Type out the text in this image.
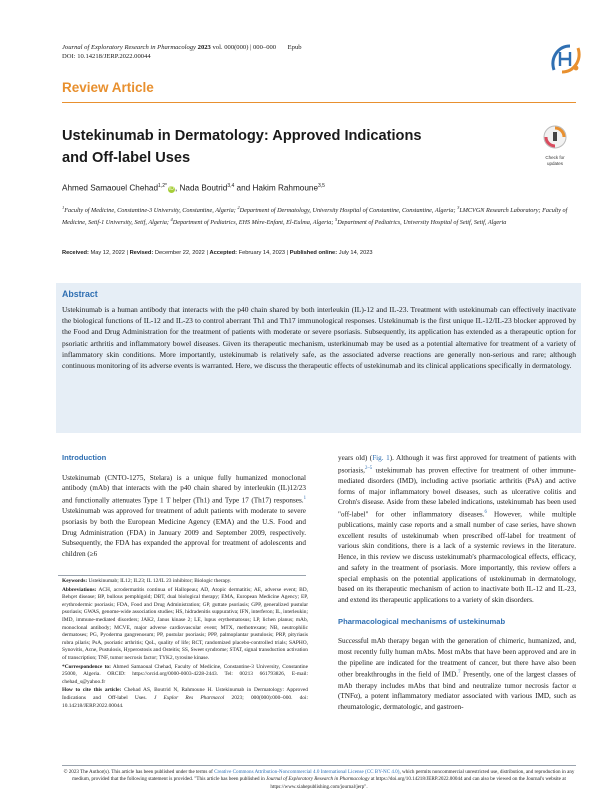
Journal of Exploratory Research in Pharmacology 2023 vol. 000(000) | 000–000 Epub
DOI: 10.14218/JERP.2022.00044
Review Article
Ustekinumab in Dermatology: Approved Indications
and Off-label Uses	Check for
updates
Ahmed Samaouel Chehad$^{1,2*}$ iD, Nada Boutrid$^{3,4}$ and Hakim Rahmoune$^{3,5}$
$^1$Faculty of Medicine, Constantine-3 University, Constantine, Algeria; $^2$Department of Dermatology, University Hospital of Constantine, Constantine, Algeria; $^3$LMCVGN Research Laboratory; Faculty of Medicine, Setif-1 University, Setif, Algeria; $^4$Department of Pediatrics, EHS Mère-Enfant, El-Eulma, Algeria; $^5$Department of Pediatrics, University Hospital of Setif, Setif, Algeria
Received: May 12, 2022 | Revised: December 22, 2022 | Accepted: February 14, 2023 | Published online: July 14, 2023
Abstract
Ustekinumab is a human antibody that interacts with the p40 chain shared by both interleukin (IL)-12 and IL-23. Treatment with ustekinumab can effectively inactivate the biological functions of IL-12 and IL-23 to control aberrant Th1 and Th17 immunological responses. Ustekinumab is the first unique IL-12/IL-23 blocker approved by the Food and Drug Administration for the treatment of patients with moderate or severe psoriasis. Subsequently, its application has extended as a therapeutic option for psoriatic arthritis and inflammatory bowel diseases. Given its therapeutic mechanism, usterkinumab may be used as a potential alternative for treatment of a variety of inflammatory skin conditions. More importantly, ustekinumab is relatively safe, as the associated adverse reactions are generally non-serious and rare; although continuous monitoring of its adverse events is warranted. Here, we discuss the therapeutic effects of ustekinumab and its clinical applications specifically in dermatology.
Introduction
Ustekinumab (CNTO-1275, Stelara) is a unique fully humanized monoclonal antibody (mAb) that interacts with the p40 chain shared by interleukin (IL)12/23 and functionally attenuates Type 1 T helper (Th1) and Type 17 (Th17) responses.$^1$ Ustekinumab was approved for treatment of adult patients with moderate to severe psoriasis by both the European Medicine Agency (EMA) and the U.S. Food and Drug Administration (FDA) in January 2009 and September 2009, respectively. Subsequently, the FDA has expanded the approval for treatment of adolescents and children (≥6
Keywords: Ustekinumab; IL12; IL23; IL 12/IL 23 inhibitor; Biologic therapy.
Abbreviations: ACH, acrodermatitis continua of Hallopeau; AD, Atopic dermatitis; AE, adverse event; BD, Behçet disease; BP, bullous pemphigoid; DBT, dual biological therapy; EMA, European Medicine Agency; EP, erythrodermic psoriasis; FDA, Food and Drug Administration; GP, guttate psoriasis; GPP, generalized pustular psoriasis; GWAS, genome-wide association studies; HS, hidradenitis suppurativa; IFN, interferon; IL, interleukin; IMD, immune-mediated disorders; JAK2, Janus kinase 2; LE, lupus erythematosus; LP, lichen planus; mAb, monoclonal antibody; MCVE, major adverse cardiovascular event; MTX, methotrexate; NB, neutrophilic dermatoses; PG, Pyoderma gangrenosum; PP, pustular psoriasis; PPP, palmoplantar pustulosis; PRP, pityriasis rubra pilaris; PsA, psoriatic arthritis; QoL, quality of life; RCT, randomized placebo-controlled trials; SAPHO, Synovitis, Acne, Pustulosis, Hyperostosis and Osteitis; SS, Sweet syndrome; STAT, signal transduction activation of transcription; TNF, tumor necrosis factor; TYK2, tyrosine kinase.
*Correspondence to: Ahmed Samaoual Chehad, Faculty of Medicine, Constantine-3 University, Constantine 25000, Algeria. ORCID: https://orcid.org/0000-0003-4228-2443. Tel: 00213 661793826, E-mail: chehad_s@yahoo.fr
How to cite this article: Chehad AS, Boutrid N, Rahmoune H. Ustekinumab in Dermatology: Approved Indications and Off-label Uses. J Explor Res Pharmacol 2023; 000(000):000–000. doi: 10.14218/JERP.2022.00044.
years old) (Fig. 1). Although it was first approved for treatment of patients with psoriasis,$^{2-5}$ ustekinumab has proven effective for treatment of other immune-mediated disorders (IMD), including active psoriatic arthritis (PsA) and active forms of major inflammatory bowel diseases, such as ulcerative colitis and Crohn's disease. Aside from these labeled indications, ustekinumab has been used "off-label" for other inflammatory diseases.$^6$ However, while multiple publications, mainly case reports and a small number of case series, have shown excellent results of ustekinumab when prescribed off-label for treatment of various skin conditions, there is a lack of a systemic reviews in the literature. Hence, in this review we discuss ustekinumab's pharmacological effects, efficacy, and safety in the treatment of psoriasis. More importantly, this review offers a special emphasis on the potential applications of ustekinumab in dermatology, based on its therapeutic mechanism of action to inactivate both IL-12 and IL-23, and extend its therapeutic applications to a variety of skin disorders.
Pharmacological mechanisms of ustekinumab
Successful mAb therapy began with the generation of chimeric, humanized, and, most recently fully human mAbs. Most mAbs that have been approved and are in the pipeline are indicated for the treatment of cancer, but there have also been other breakthroughs in the field of IMD.$^7$ Presently, one of the largest classes of mAb therapy includes mAbs that bind and neutralize tumor necrosis factor α (TNFα), a potent inflammatory mediator associated with various IMD, such as rheumatologic, dermatologic, and gastroen-
© 2023 The Author(s). This article has been published under the terms of Creative Commons Attribution-Noncommercial 4.0 International License (CC BY-NC 4.0), which permits noncommercial unrestricted use, distribution, and reproduction in any medium, provided that the following statement is provided. "This article has been published in Journal of Exploratory Research in Pharmacology at https://doi.org/10.14218/JERP.2022.00044 and can also be viewed on the Journal's website at https://www.xiahepublishing.com/journal/jerp".
